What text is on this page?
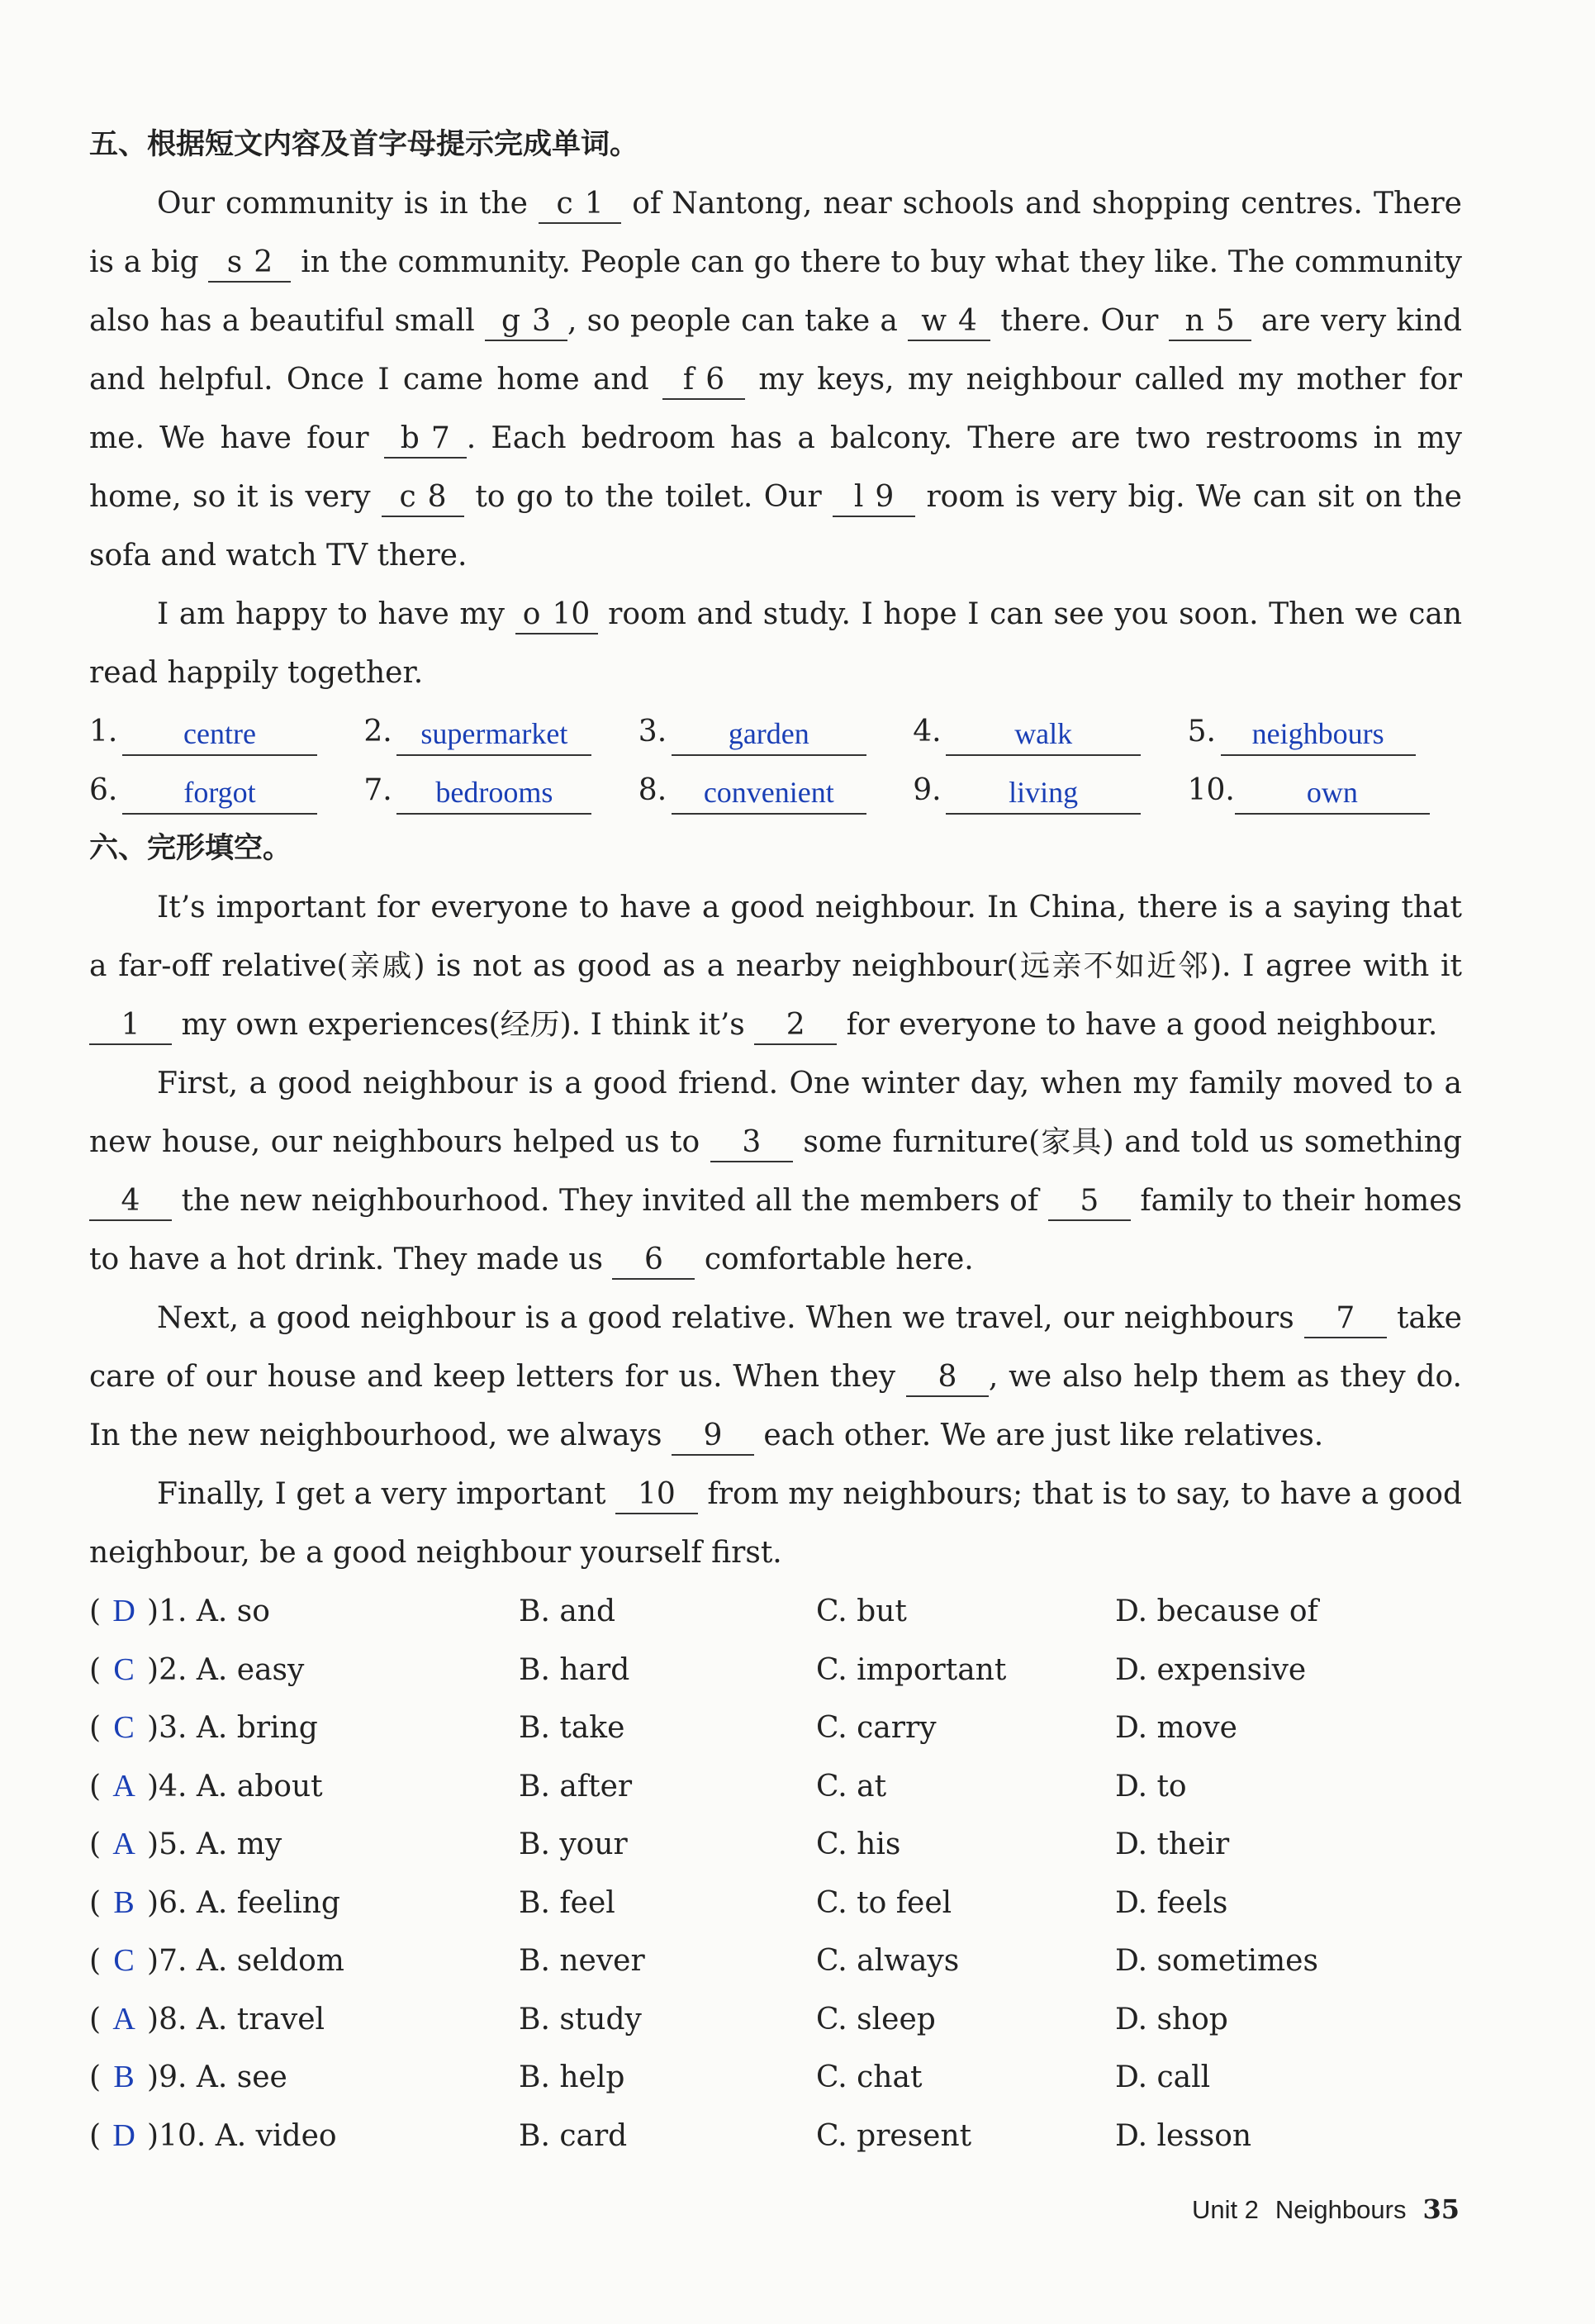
五、根据短文内容及首字母提示完成单词。

Our community is in the c 1 of Nantong, near schools and shopping centres. There is a big s 2 in the community. People can go there to buy what they like. The community also has a beautiful small g 3 , so people can take a w 4 there. Our n 5 are very kind and helpful. Once I came home and f 6 my keys, my neighbour called my mother for me. We have four b 7 . Each bedroom has a balcony. There are two restrooms in my home, so it is very c 8 to go to the toilet. Our l 9 room is very big. We can sit on the sofa and watch TV there.

I am happy to have my o 10 room and study. I hope I can see you soon. Then we can read happily together.

1.	centre	2. supermarket	3.	garden	4.	walk	5.	neighbours
6.	forgot	7.	bedrooms	8.	convenient	9.	living	10.	own
六、完形填空。

It’s important for everyone to have a good neighbour. In China, there is a saying that a far-off relative(亲戚) is not as good as a nearby neighbour(远亲不如近邻). I agree with it 1 my own experiences(经历). I think it’s 2 for everyone to have a good neighbour.

First, a good neighbour is a good friend. One winter day, when my family moved to a new house, our neighbours helped us to 3 some furniture(家具) and told us something 4 the new neighbourhood. They invited all the members of 5 family to their homes to have a hot drink. They made us 6 comfortable here.

Next, a good neighbour is a good relative. When we travel, our neighbours 7 take care of our house and keep letters for us. When they 8 , we also help them as they do. In the new neighbourhood, we always 9 each other. We are just like relatives.

Finally, I get a very important 10 from my neighbours; that is to say, to have a good neighbour, be a good neighbour yourself first.

( D )1. A. so	B. and	C. but	D. because of
( C )2. A. easy	B. hard	C. important	D. expensive
( C )3. A. bring	B. take	C. carry	D. move
( A )4. A. about	B. after	C. at	D. to
( A )5. A. my	B. your	C. his	D. their
( B )6. A. feeling	B. feel	C. to feel	D. feels
( C )7. A. seldom	B. never	C. always	D. sometimes
( A )8. A. travel	B. study	C. sleep	D. shop
( B )9. A. see	B. help	C. chat	D. call
( D )10. A. video	B. card	C. present	D. lesson
Unit 2 Neighbours 35
